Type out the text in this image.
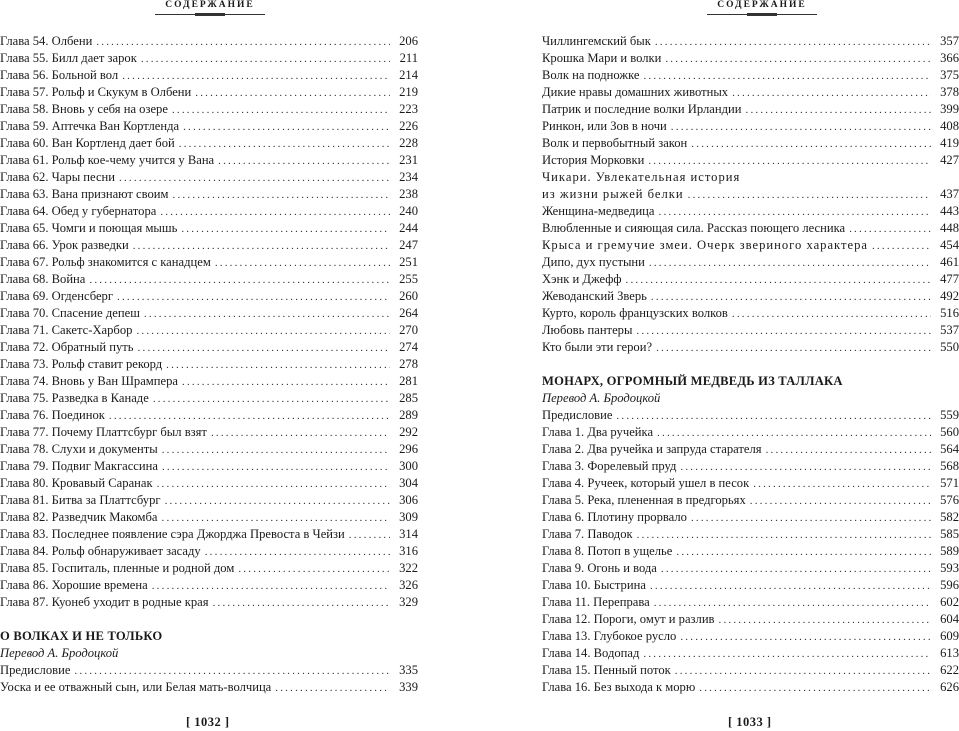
СОДЕРЖАНИЕ
Глава 54. Олбени .....	206
Глава 55. Билл дает зарок .....	211
Глава 56. Больной вол .....	214
Глава 57. Рольф и Скукум в Олбени .....	219
Глава 58. Вновь у себя на озере .....	223
Глава 59. Аптечка Ван Кортленда .....	226
Глава 60. Ван Кортленд дает бой .....	228
Глава 61. Рольф кое-чему учится у Вана .....	231
Глава 62. Чары песни .....	234
Глава 63. Вана признают своим .....	238
Глава 64. Обед у губернатора .....	240
Глава 65. Чомги и поющая мышь .....	244
Глава 66. Урок разведки .....	247
Глава 67. Рольф знакомится с канадцем .....	251
Глава 68. Война .....	255
Глава 69. Огденсберг .....	260
Глава 70. Спасение депеш .....	264
Глава 71. Сакетс-Харбор .....	270
Глава 72. Обратный путь .....	274
Глава 73. Рольф ставит рекорд .....	278
Глава 74. Вновь у Ван Шрампера .....	281
Глава 75. Разведка в Канаде .....	285
Глава 76. Поединок .....	289
Глава 77. Почему Платтсбург был взят .....	292
Глава 78. Слухи и документы .....	296
Глава 79. Подвиг Макгассина .....	300
Глава 80. Кровавый Саранак .....	304
Глава 81. Битва за Платтсбург .....	306
Глава 82. Разведчик Макомба .....	309
Глава 83. Последнее появление сэра Джорджа Превоста в Чейзи .....	314
Глава 84. Рольф обнаруживает засаду .....	316
Глава 85. Госпиталь, пленные и родной дом .....	322
Глава 86. Хорошие времена .....	326
Глава 87. Куонеб уходит в родные края .....	329
О ВОЛКАХ И НЕ ТОЛЬКО
Перевод А. Бродоцкой
Предисловие .....	335
Уоска и ее отважный сын, или Белая мать-волчица .....	339
[ 1032 ]
СОДЕРЖАНИЕ
Чиллингемский бык .....	357
Крошка Мари и волки .....	366
Волк на подножке .....	375
Дикие нравы домашних животных .....	378
Патрик и последние волки Ирландии .....	399
Ринкон, или Зов в ночи .....	408
Волк и первобытный закон .....	419
История Морковки .....	427
Чикари. Увлекательная история
из жизни рыжей белки .....	437
Женщина-медведица .....	443
Влюбленные и сияющая сила. Рассказ поющего лесника .....	448
Крыса и гремучие змеи. Очерк звериного характера .....	454
Дипо, дух пустыни .....	461
Хэнк и Джефф .....	477
Жеводанский Зверь .....	492
Курто, король французских волков .....	516
Любовь пантеры .....	537
Кто были эти герои? .....	550
МОНАРХ, ОГРОМНЫЙ МЕДВЕДЬ ИЗ ТАЛЛАКА
Перевод А. Бродоцкой
Предисловие .....	559
Глава 1. Два ручейка .....	560
Глава 2. Два ручейка и запруда старателя .....	564
Глава 3. Форелевый пруд .....	568
Глава 4. Ручеек, который ушел в песок .....	571
Глава 5. Река, плененная в предгорьях .....	576
Глава 6. Плотину прорвало .....	582
Глава 7. Паводок .....	585
Глава 8. Потоп в ущелье .....	589
Глава 9. Огонь и вода .....	593
Глава 10. Быстрина .....	596
Глава 11. Переправа .....	602
Глава 12. Пороги, омут и разлив .....	604
Глава 13. Глубокое русло .....	609
Глава 14. Водопад .....	613
Глава 15. Пенный поток .....	622
Глава 16. Без выхода к морю .....	626
[ 1033 ]
